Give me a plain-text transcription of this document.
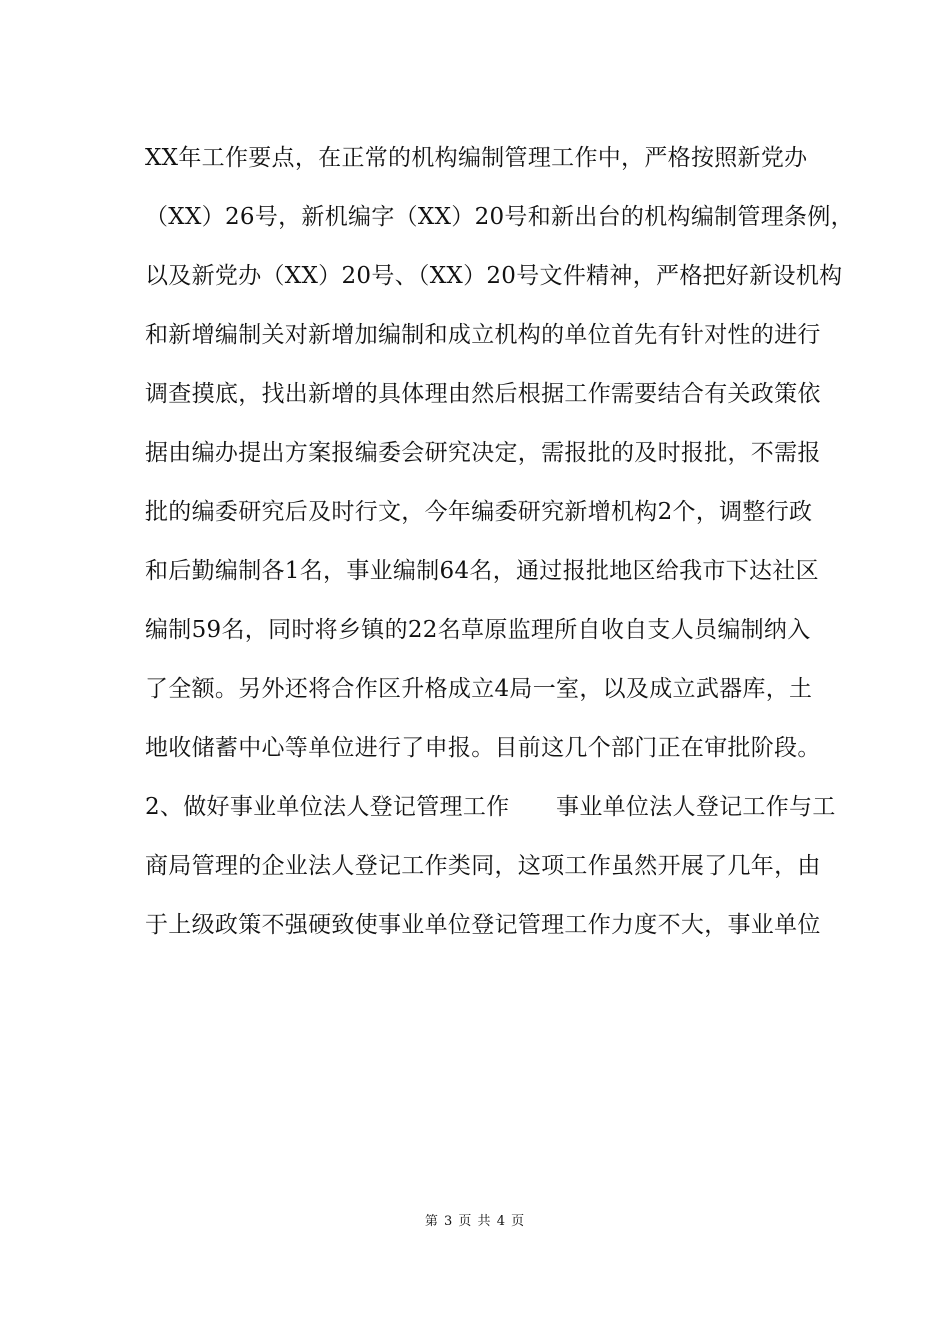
XX年工作要点，在正常的机构编制管理工作中，严格按照新党办
（XX）26号，新机编字（XX）20号和新出台的机构编制管理条例，
以及新党办（XX）20号、（XX）20号文件精神，严格把好新设机构
和新增编制关对新增加编制和成立机构的单位首先有针对性的进行
调查摸底，找出新增的具体理由然后根据工作需要结合有关政策依
据由编办提出方案报编委会研究决定，需报批的及时报批，不需报
批的编委研究后及时行文，今年编委研究新增机构2个，调整行政
和后勤编制各1名，事业编制64名，通过报批地区给我市下达社区
编制59名，同时将乡镇的22名草原监理所自收自支人员编制纳入
了全额。另外还将合作区升格成立4局一室，以及成立武器库，土
地收储蓄中心等单位进行了申报。目前这几个部门正在审批阶段。
2、做好事业单位法人登记管理工作　　事业单位法人登记工作与工
商局管理的企业法人登记工作类同，这项工作虽然开展了几年，由
于上级政策不强硬致使事业单位登记管理工作力度不大，事业单位
第 3 页 共 4 页
